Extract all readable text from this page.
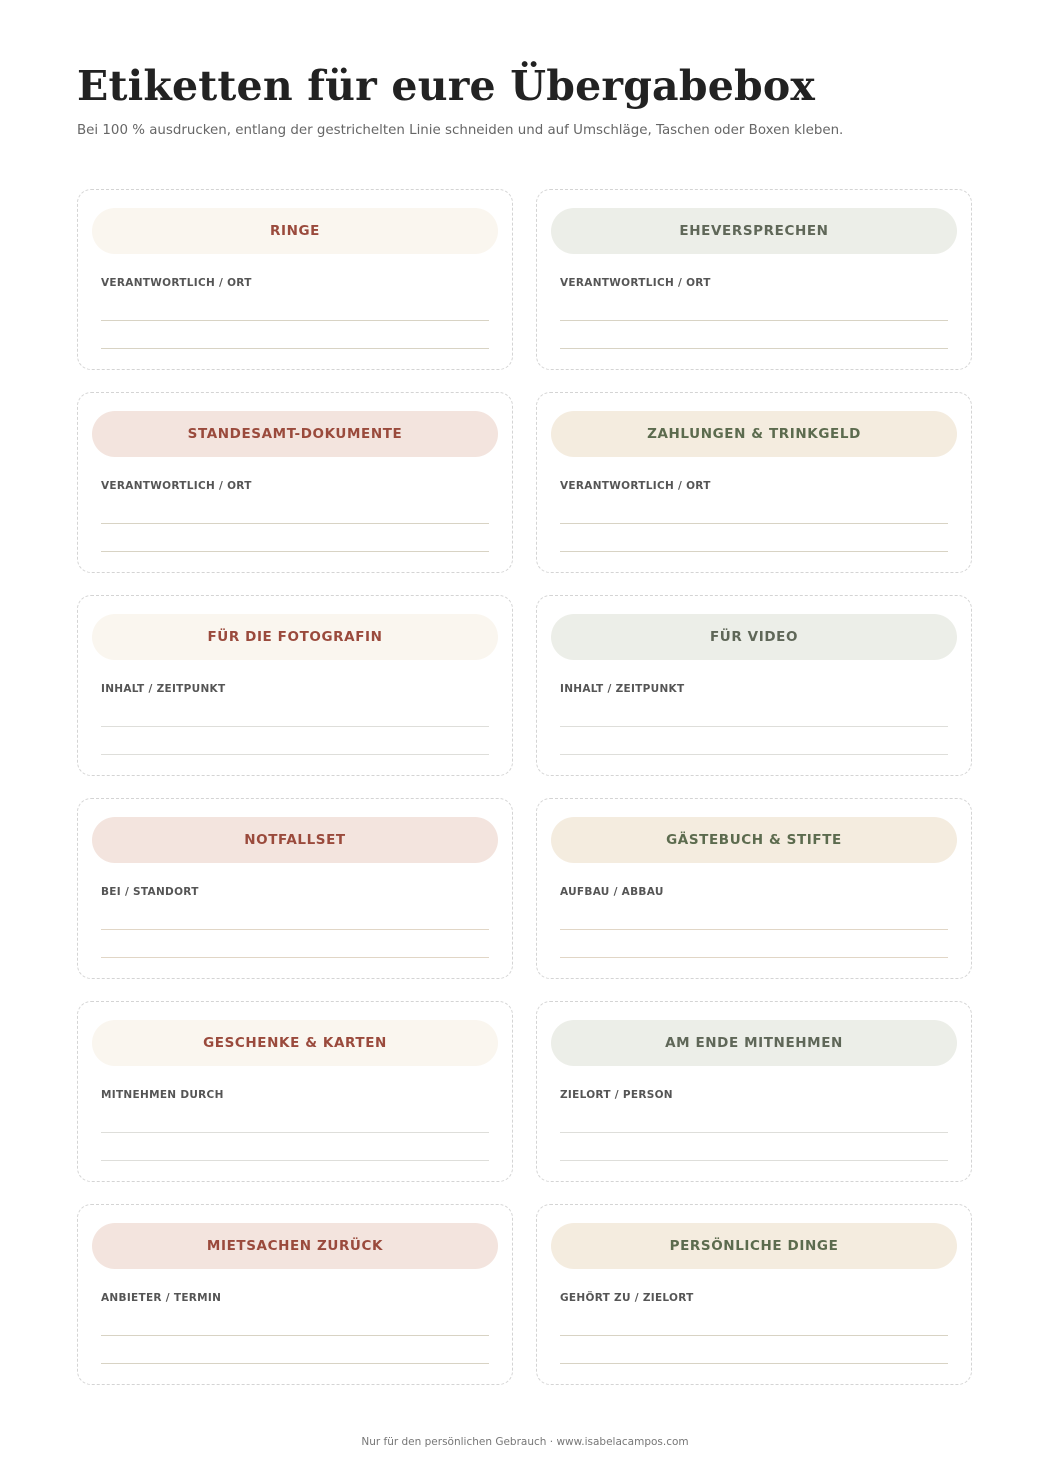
Etiketten für eure Übergabebox

Bei 100 % ausdrucken, entlang der gestrichelten Linie schneiden und auf Umschläge, Taschen oder Boxen kleben.

RINGE
VERANTWORTLICH / ORT
EHEVERSPRECHEN
VERANTWORTLICH / ORT
STANDESAMT-DOKUMENTE
VERANTWORTLICH / ORT
ZAHLUNGEN & TRINKGELD
VERANTWORTLICH / ORT
FÜR DIE FOTOGRAFIN
INHALT / ZEITPUNKT
FÜR VIDEO
INHALT / ZEITPUNKT
NOTFALLSET
BEI / STANDORT
GÄSTEBUCH & STIFTE
AUFBAU / ABBAU
GESCHENKE & KARTEN
MITNEHMEN DURCH
AM ENDE MITNEHMEN
ZIELORT / PERSON
MIETSACHEN ZURÜCK
ANBIETER / TERMIN
PERSÖNLICHE DINGE
GEHÖRT ZU / ZIELORT
Nur für den persönlichen Gebrauch · www.isabelacampos.com
